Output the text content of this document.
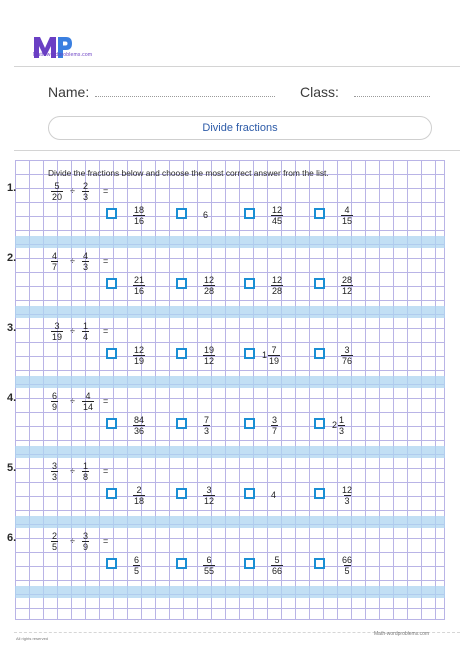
Math-wordproblems.com
Name:	Class:
Divide fractions
Divide the fractions below and choose the most correct answer from the list.
1.	$\frac{5}{20} \div \frac{2}{3}$ =
$\frac{18}{16}$	6	$\frac{12}{45}$	$\frac{4}{15}$
2.	$\frac{4}{7} \div \frac{4}{3}$ =
$\frac{21}{16}$	$\frac{12}{28}$	$\frac{12}{28}$	$\frac{28}{12}$
3.	$\frac{3}{19} \div \frac{1}{4}$ =
$\frac{12}{19}$	$\frac{19}{12}$	$1 \frac{7}{19}$	$\frac{3}{76}$
4.	$\frac{6}{9} \div \frac{4}{14}$ =
$\frac{84}{36}$	$\frac{7}{3}$	$\frac{3}{7}$	$2 \frac{1}{3}$
5.	$\frac{3}{3} \div \frac{1}{8}$ =
$\frac{2}{18}$	$\frac{3}{12}$	4	$\frac{12}{3}$
6.	$\frac{2}{5} \div \frac{3}{9}$ =
$\frac{6}{5}$	$\frac{6}{55}$	$\frac{5}{66}$	$\frac{66}{5}$
All rights reserved
Math-wordproblems.com
